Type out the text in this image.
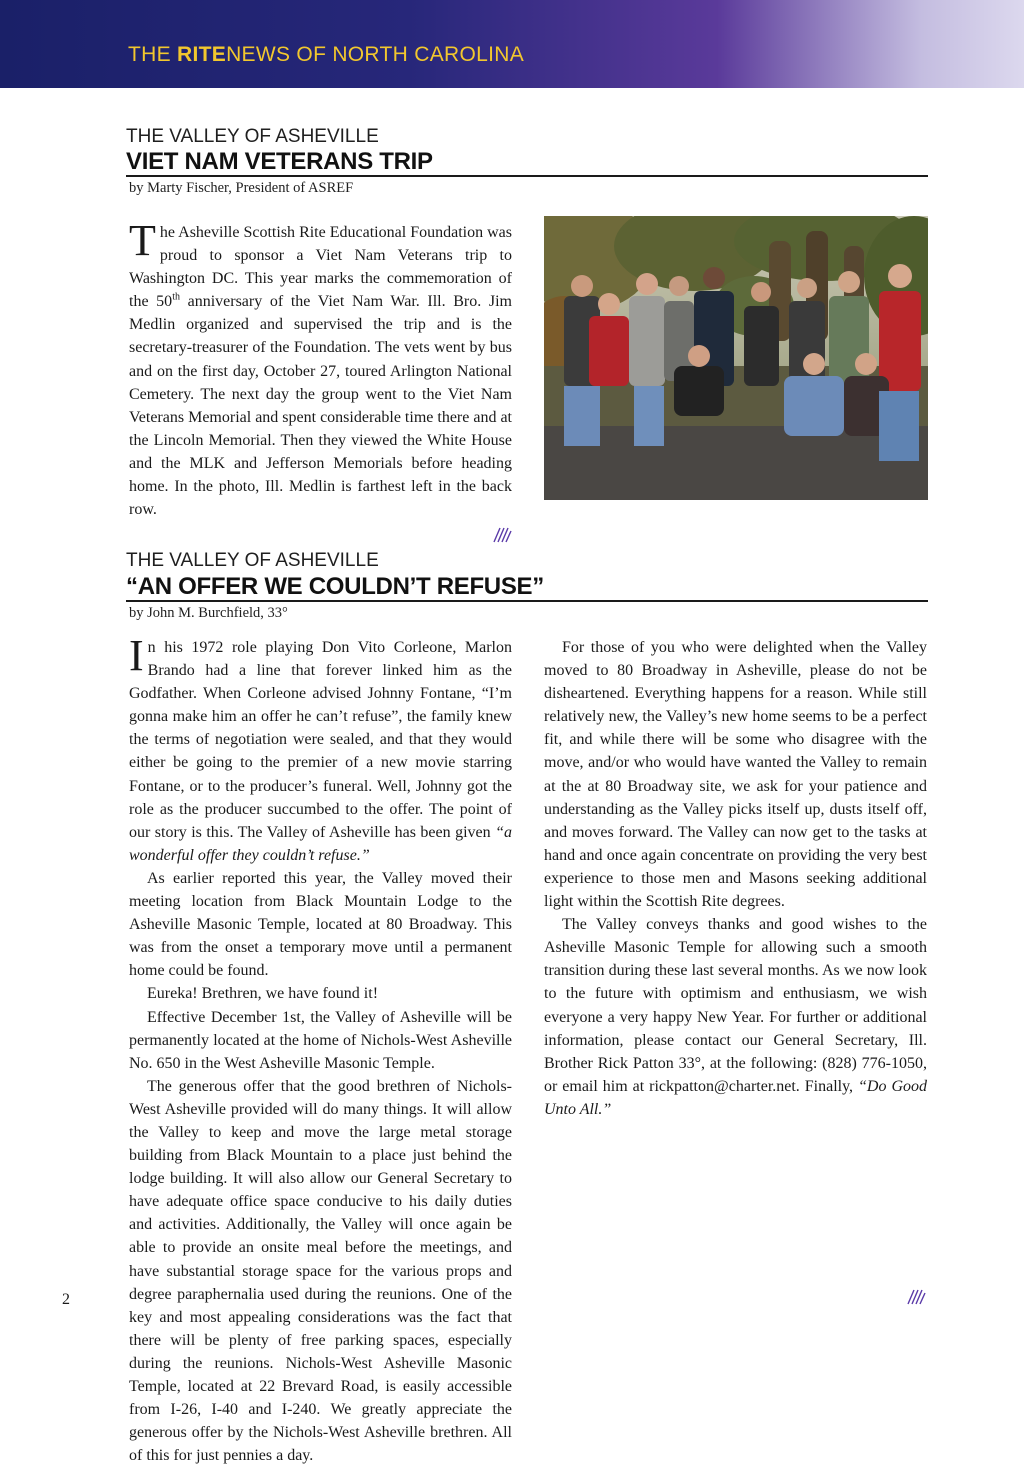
THE RITENEWS OF NORTH CAROLINA
THE VALLEY OF ASHEVILLE
VIET NAM VETERANS TRIP
by Marty Fischer, President of ASREF

The Asheville Scottish Rite Educational Foundation was proud to sponsor a Viet Nam Veterans trip to Washington DC. This year marks the commemoration of the 50th anniversary of the Viet Nam War. Ill. Bro. Jim Medlin organized and supervised the trip and is the secretary-treasurer of the Foundation. The vets went by bus and on the first day, October 27, toured Arlington National Cemetery. The next day the group went to the Viet Nam Veterans Memorial and spent considerable time there and at the Lincoln Memorial. Then they viewed the White House and the MLK and Jefferson Memorials before heading home. In the photo, Ill. Medlin is farthest left in the back row.

THE VALLEY OF ASHEVILLE
“AN OFFER WE COULDN’T REFUSE”
by John M. Burchfield, 33°

In his 1972 role playing Don Vito Corleone, Marlon Brando had a line that forever linked him as the Godfather. When Corleone advised Johnny Fontane, “I’m gonna make him an offer he can’t refuse”, the family knew the terms of negotiation were sealed, and that they would either be going to the premier of a new movie starring Fontane, or to the producer’s funeral. Well, Johnny got the role as the producer succumbed to the offer. The point of our story is this. The Valley of Asheville has been given “a wonderful offer they couldn’t refuse.”

As earlier reported this year, the Valley moved their meeting location from Black Mountain Lodge to the Asheville Masonic Temple, located at 80 Broadway. This was from the onset a temporary move until a permanent home could be found.

Eureka! Brethren, we have found it!

Effective December 1st, the Valley of Asheville will be permanently located at the home of Nichols-West Asheville No. 650 in the West Asheville Masonic Temple.

The generous offer that the good brethren of Nichols-West Asheville provided will do many things. It will allow the Valley to keep and move the large metal storage building from Black Mountain to a place just behind the lodge building. It will also allow our General Secretary to have adequate office space conducive to his daily duties and activities. Additionally, the Valley will once again be able to provide an onsite meal before the meetings, and have substantial storage space for the various props and degree paraphernalia used during the reunions. One of the key and most appealing considerations was the fact that there will be plenty of free parking spaces, especially during the reunions. Nichols-West Asheville Masonic Temple, located at 22 Brevard Road, is easily accessible from I-26, I-40 and I-240. We greatly appreciate the generous offer by the Nichols-West Asheville brethren. All of this for just pennies a day.

For those of you who were delighted when the Valley moved to 80 Broadway in Asheville, please do not be disheartened. Everything happens for a reason. While still relatively new, the Valley’s new home seems to be a perfect fit, and while there will be some who disagree with the move, and/or who would have wanted the Valley to remain at the at 80 Broadway site, we ask for your patience and understanding as the Valley picks itself up, dusts itself off, and moves forward. The Valley can now get to the tasks at hand and once again concentrate on providing the very best experience to those men and Masons seeking additional light within the Scottish Rite degrees.

The Valley conveys thanks and good wishes to the Asheville Masonic Temple for allowing such a smooth transition during these last several months. As we now look to the future with optimism and enthusiasm, we wish everyone a very happy New Year. For further or additional information, please contact our General Secretary, Ill. Brother Rick Patton 33°, at the following: (828) 776-1050, or email him at rickpatton@charter.net. Finally, “Do Good Unto All.”

2
